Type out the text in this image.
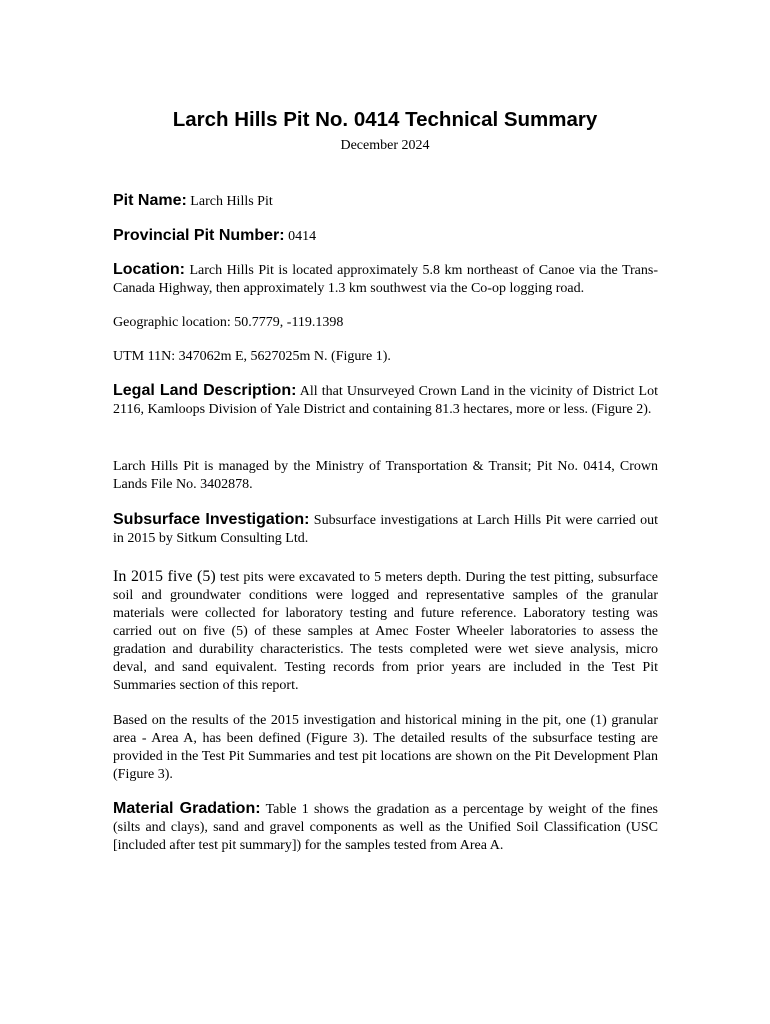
Larch Hills Pit No. 0414 Technical Summary
December 2024
Pit Name: Larch Hills Pit
Provincial Pit Number: 0414
Location: Larch Hills Pit is located approximately 5.8 km northeast of Canoe via the Trans-Canada Highway, then approximately 1.3 km southwest via the Co-op logging road.
Geographic location: 50.7779, -119.1398
UTM 11N: 347062m E, 5627025m N. (Figure 1).
Legal Land Description: All that Unsurveyed Crown Land in the vicinity of District Lot 2116, Kamloops Division of Yale District and containing 81.3 hectares, more or less. (Figure 2).
Larch Hills Pit is managed by the Ministry of Transportation & Transit; Pit No. 0414, Crown Lands File No. 3402878.
Subsurface Investigation: Subsurface investigations at Larch Hills Pit were carried out in 2015 by Sitkum Consulting Ltd.
In 2015 five (5) test pits were excavated to 5 meters depth. During the test pitting, subsurface soil and groundwater conditions were logged and representative samples of the granular materials were collected for laboratory testing and future reference. Laboratory testing was carried out on five (5) of these samples at Amec Foster Wheeler laboratories to assess the gradation and durability characteristics. The tests completed were wet sieve analysis, micro deval, and sand equivalent. Testing records from prior years are included in the Test Pit Summaries section of this report.
Based on the results of the 2015 investigation and historical mining in the pit, one (1) granular area - Area A, has been defined (Figure 3). The detailed results of the subsurface testing are provided in the Test Pit Summaries and test pit locations are shown on the Pit Development Plan (Figure 3).
Material Gradation: Table 1 shows the gradation as a percentage by weight of the fines (silts and clays), sand and gravel components as well as the Unified Soil Classification (USC [included after test pit summary]) for the samples tested from Area A.
